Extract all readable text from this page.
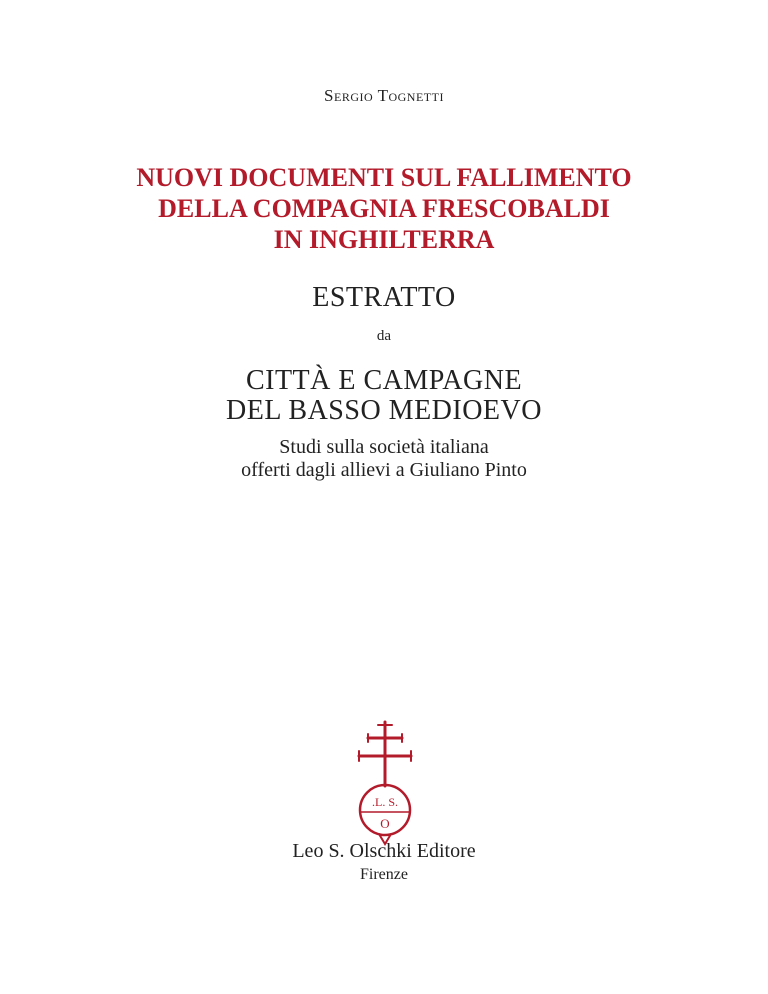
Sergio Tognetti
NUOVI DOCUMENTI SUL FALLIMENTO
DELLA COMPAGNIA FRESCOBALDI
IN INGHILTERRA
ESTRATTO
da
CITTÀ E CAMPAGNE
DEL BASSO MEDIOEVO
Studi sulla società italiana
offerti dagli allievi a Giuliano Pinto
.L. S.
O
Leo S. Olschki Editore
Firenze
